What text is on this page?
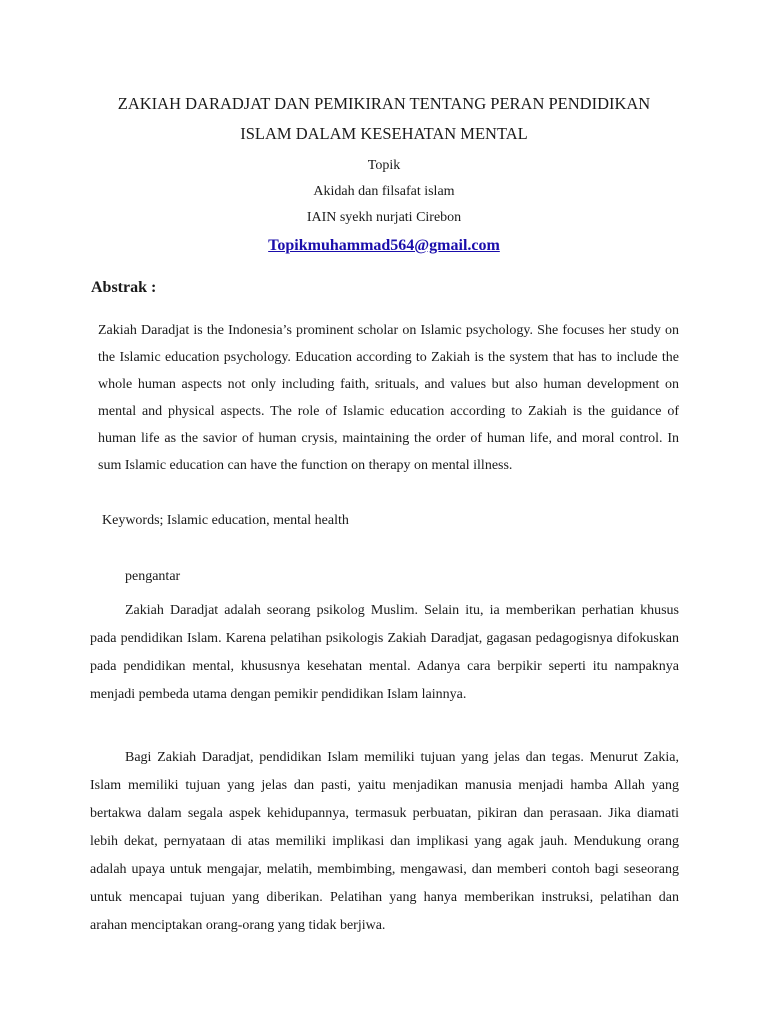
ZAKIAH DARADJAT DAN PEMIKIRAN TENTANG PERAN PENDIDIKAN
ISLAM DALAM KESEHATAN MENTAL

Topik

Akidah dan filsafat islam

IAIN syekh nurjati Cirebon

Topikmuhammad564@gmail.com
Abstrak :

Zakiah Daradjat is the Indonesia’s prominent scholar on Islamic psychology. She focuses her study on the Islamic education psychology. Education according to Zakiah is the system that has to include the whole human aspects not only including faith, srituals, and values but also human development on mental and physical aspects. The role of Islamic education according to Zakiah is the guidance of human life as the savior of human crysis, maintaining the order of human life, and moral control. In sum Islamic education can have the function on therapy on mental illness.

Keywords; Islamic education, mental health

pengantar

Zakiah Daradjat adalah seorang psikolog Muslim. Selain itu, ia memberikan perhatian khusus pada pendidikan Islam. Karena pelatihan psikologis Zakiah Daradjat, gagasan pedagogisnya difokuskan pada pendidikan mental, khususnya kesehatan mental. Adanya cara berpikir seperti itu nampaknya menjadi pembeda utama dengan pemikir pendidikan Islam lainnya.

Bagi Zakiah Daradjat, pendidikan Islam memiliki tujuan yang jelas dan tegas. Menurut Zakia, Islam memiliki tujuan yang jelas dan pasti, yaitu menjadikan manusia menjadi hamba Allah yang bertakwa dalam segala aspek kehidupannya, termasuk perbuatan, pikiran dan perasaan. Jika diamati lebih dekat, pernyataan di atas memiliki implikasi dan implikasi yang agak jauh. Mendukung orang adalah upaya untuk mengajar, melatih, membimbing, mengawasi, dan memberi contoh bagi seseorang untuk mencapai tujuan yang diberikan. Pelatihan yang hanya memberikan instruksi, pelatihan dan arahan menciptakan orang-orang yang tidak berjiwa.
